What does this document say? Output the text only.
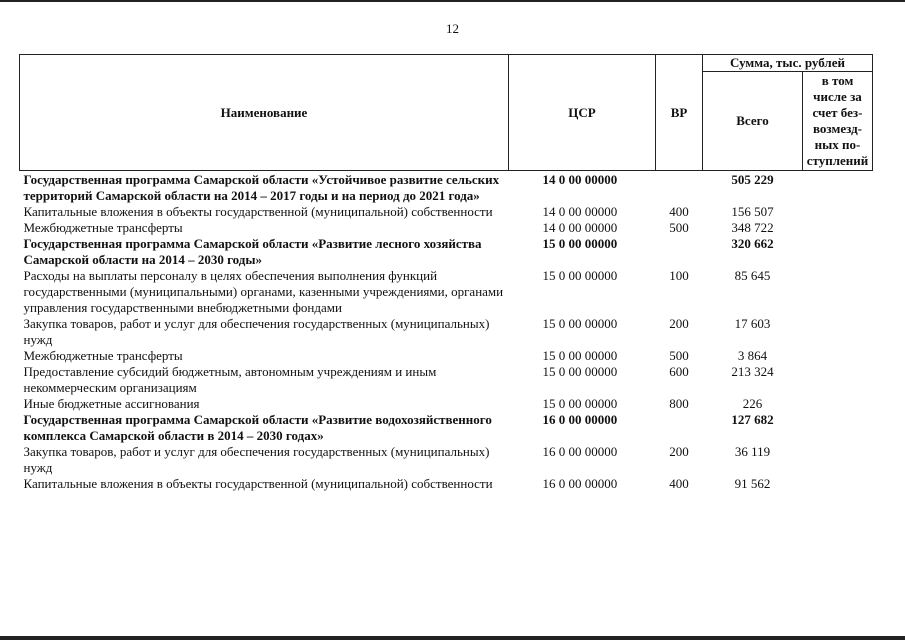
12
Наименование	ЦСР	ВР	Сумма, тыс. рублей	
			Всего	в том числе за счет без-возмезд-ных по-ступлений
Государственная программа Самарской области «Устойчивое развитие сельских территорий Самарской области на 2014 – 2017 годы и на период до 2021 года»	14 0 00 00000		505 229	
Капитальные вложения в объекты государственной (муниципальной) собственности	14 0 00 00000	400	156 507	
Межбюджетные трансферты	14 0 00 00000	500	348 722	
Государственная программа Самарской области «Развитие лесного хозяйства Самарской области на 2014 – 2030 годы»	15 0 00 00000		320 662	
Расходы на выплаты персоналу в целях обеспечения выполнения функций государственными (муниципальными) органами, казенными учреждениями, органами управления государственными внебюджетными фондами	15 0 00 00000	100	85 645	
Закупка товаров, работ и услуг для обеспечения государственных (муниципальных) нужд	15 0 00 00000	200	17 603	
Межбюджетные трансферты	15 0 00 00000	500	3 864	
Предоставление субсидий бюджетным, автономным учреждениям и иным некоммерческим организациям	15 0 00 00000	600	213 324	
Иные бюджетные ассигнования	15 0 00 00000	800	226	
Государственная программа Самарской области «Развитие водохозяйственного комплекса Самарской области в 2014 – 2030 годах»	16 0 00 00000		127 682	
Закупка товаров, работ и услуг для обеспечения государственных (муниципальных) нужд	16 0 00 00000	200	36 119	
Капитальные вложения в объекты государственной (муниципальной) собственности	16 0 00 00000	400	91 562	
